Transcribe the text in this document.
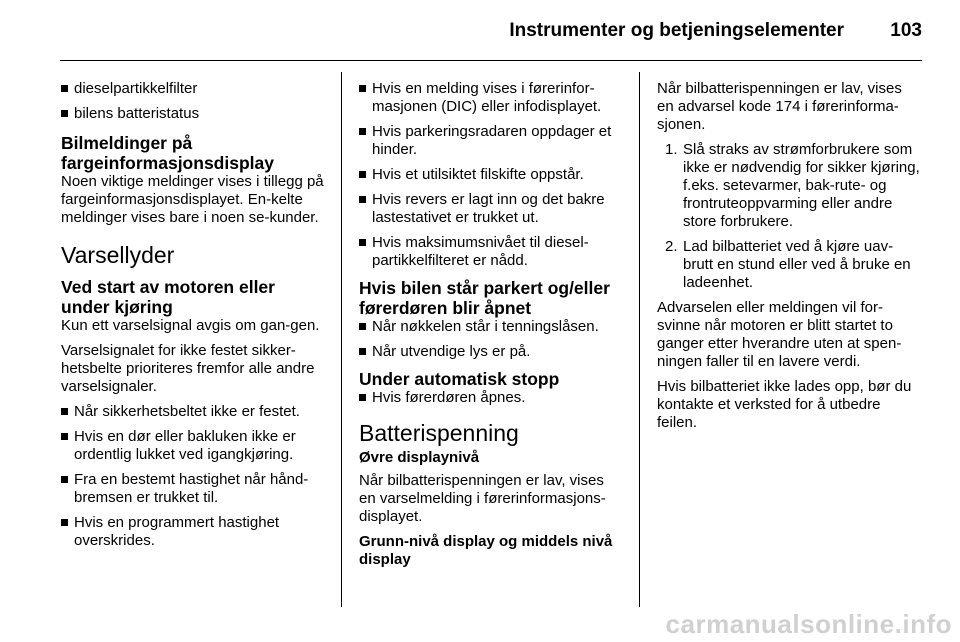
Instrumenter og betjeningselementer 103
dieselpartikkelfilter
bilens batteristatus
Bilmeldinger på fargeinformasjonsdisplay

Noen viktige meldinger vises i tillegg på fargeinformasjonsdisplayet. En-kelte meldinger vises bare i noen se-kunder.

Varsellyder
Ved start av motoren eller under kjøring

Kun ett varselsignal avgis om gan-gen.

Varselsignalet for ikke festet sikker-hetsbelte prioriteres fremfor alle andre varselsignaler.

Når sikkerhetsbeltet ikke er festet.
Hvis en dør eller bakluken ikke er ordentlig lukket ved igangkjøring.
Fra en bestemt hastighet når hånd-bremsen er trukket til.
Hvis en programmert hastighet overskrides.
Hvis en melding vises i førerinfor-masjonen (DIC) eller infodisplayet.
Hvis parkeringsradaren oppdager et hinder.
Hvis et utilsiktet filskifte oppstår.
Hvis revers er lagt inn og det bakre lastestativet er trukket ut.
Hvis maksimumsnivået til diesel-partikkelfilteret er nådd.
Hvis bilen står parkert og/eller førerdøren blir åpnet
Når nøkkelen står i tenningslåsen.
Når utvendige lys er på.
Under automatisk stopp
Hvis førerdøren åpnes.
Batterispenning
Øvre displaynivå

Når bilbatterispenningen er lav, vises en varselmelding i førerinformasjons-displayet.

Grunn-nivå display og middels nivå display

Når bilbatterispenningen er lav, vises en advarsel kode 174 i førerinforma-sjonen.

1. Slå straks av strømforbrukere som ikke er nødvendig for sikker kjøring, f.eks. setevarmer, bak-rute- og frontruteoppvarming eller andre store forbrukere.
2. Lad bilbatteriet ved å kjøre uav-brutt en stund eller ved å bruke en ladeenhet.

Advarselen eller meldingen vil for-svinne når motoren er blitt startet to ganger etter hverandre uten at spen-ningen faller til en lavere verdi.

Hvis bilbatteriet ikke lades opp, bør du kontakte et verksted for å utbedre feilen.

carmanualsonline.info
